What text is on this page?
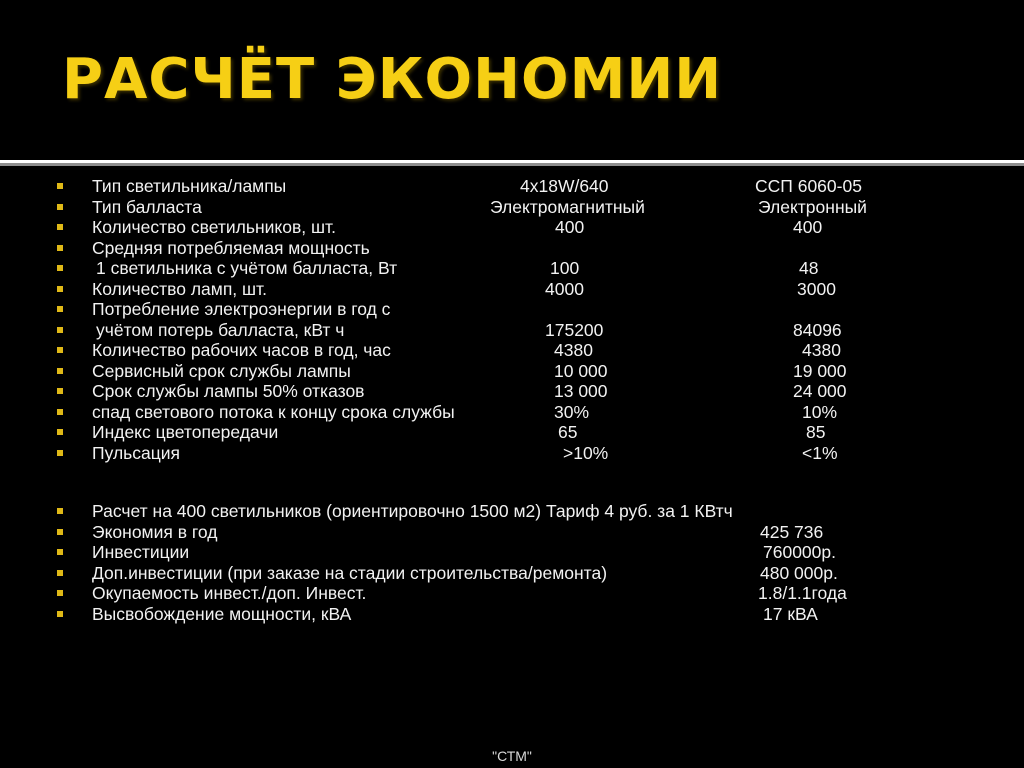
РАСЧЁТ ЭКОНОМИИ
Тип светильника/лампы	4x18W/640	ССП 6060-05
Тип балласта	Электромагнитный	Электронный
Количество светильников, шт.	400	400
Средняя потребляемая мощность
1 светильника с учётом балласта, Вт	100	48
Количество ламп, шт.	4000	3000
Потребление электроэнергии в год с
учётом потерь балласта, кВт ч	175200	84096
Количество рабочих часов в год, час	4380	4380
Сервисный срок службы лампы	10 000	19 000
Срок службы лампы 50% отказов	13 000	24 000
спад светового потока к концу срока службы	30%	10%
Индекс цветопередачи	65	85
Пульсация	>10%	<1%
Расчет на 400 светильников (ориентировочно 1500 м2) Тариф 4 руб. за 1 КВтч
Экономия в год	425 736
Инвестиции	760000р.
Доп.инвестиции (при заказе на стадии строительства/ремонта)	480 000р.
Окупаемость инвест./доп. Инвест.	1.8/1.1года
Высвобождение мощности, кВА	17 кВА
"СТМ"
